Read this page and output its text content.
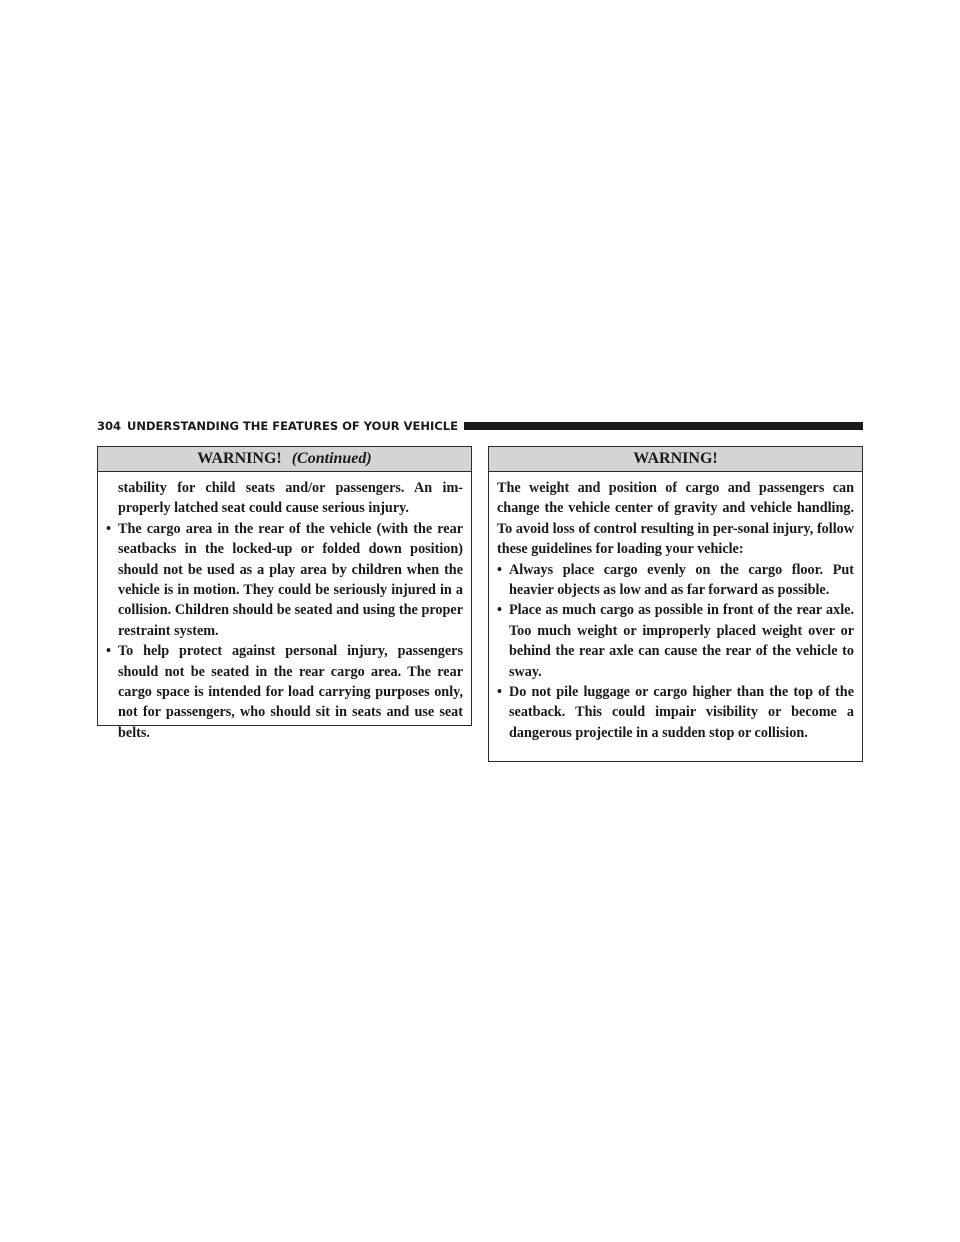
304 UNDERSTANDING THE FEATURES OF YOUR VEHICLE
WARNING! (Continued)

stability for child seats and/or passengers. An im-properly latched seat could cause serious injury.

• The cargo area in the rear of the vehicle (with the rear seatbacks in the locked-up or folded down position) should not be used as a play area by children when the vehicle is in motion. They could be seriously injured in a collision. Children should be seated and using the proper restraint system.
• To help protect against personal injury, passengers should not be seated in the rear cargo area. The rear cargo space is intended for load carrying purposes only, not for passengers, who should sit in seats and use seat belts.
WARNING!

The weight and position of cargo and passengers can change the vehicle center of gravity and vehicle handling. To avoid loss of control resulting in per-sonal injury, follow these guidelines for loading your vehicle:

• Always place cargo evenly on the cargo floor. Put heavier objects as low and as far forward as possible.
• Place as much cargo as possible in front of the rear axle. Too much weight or improperly placed weight over or behind the rear axle can cause the rear of the vehicle to sway.
• Do not pile luggage or cargo higher than the top of the seatback. This could impair visibility or become a dangerous projectile in a sudden stop or collision.
